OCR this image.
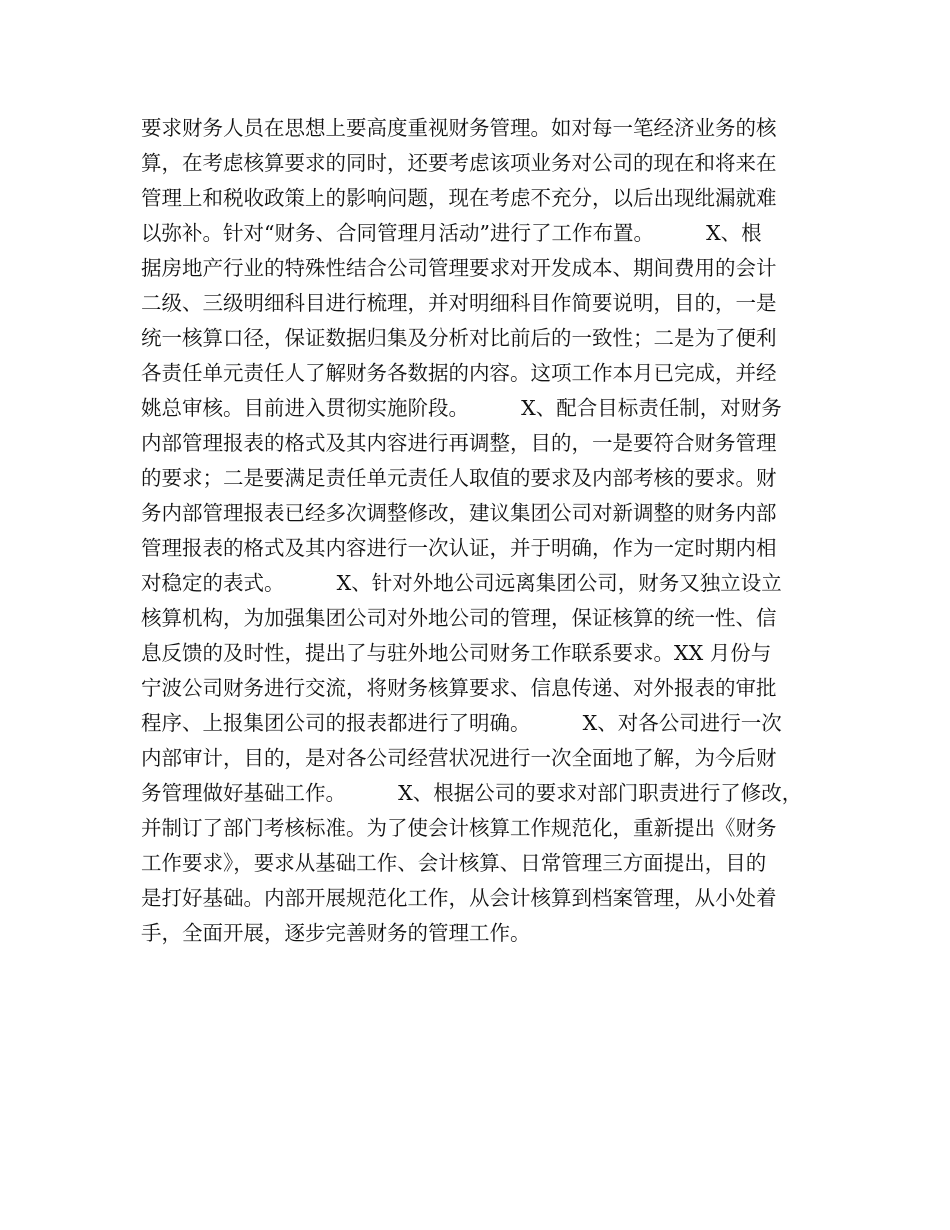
要求财务人员在思想上要高度重视财务管理。如对每一笔经济业务的核
算，在考虑核算要求的同时，还要考虑该项业务对公司的现在和将来在
管理上和税收政策上的影响问题，现在考虑不充分，以后出现纰漏就难
以弥补。针对“财务、合同管理月活动”进行了工作布置。        X、根
据房地产行业的特殊性结合公司管理要求对开发成本、期间费用的会计
二级、三级明细科目进行梳理，并对明细科目作简要说明，目的，一是
统一核算口径，保证数据归集及分析对比前后的一致性；二是为了便利
各责任单元责任人了解财务各数据的内容。这项工作本月已完成，并经
姚总审核。目前进入贯彻实施阶段。        X、配合目标责任制，对财务
内部管理报表的格式及其内容进行再调整，目的，一是要符合财务管理
的要求；二是要满足责任单元责任人取值的要求及内部考核的要求。财
务内部管理报表已经多次调整修改，建议集团公司对新调整的财务内部
管理报表的格式及其内容进行一次认证，并于明确，作为一定时期内相
对稳定的表式。        X、针对外地公司远离集团公司，财务又独立设立
核算机构，为加强集团公司对外地公司的管理，保证核算的统一性、信
息反馈的及时性，提出了与驻外地公司财务工作联系要求。XX 月份与
宁波公司财务进行交流，将财务核算要求、信息传递、对外报表的审批
程序、上报集团公司的报表都进行了明确。        X、对各公司进行一次
内部审计，目的，是对各公司经营状况进行一次全面地了解，为今后财
务管理做好基础工作。        X、根据公司的要求对部门职责进行了修改，
并制订了部门考核标准。为了使会计核算工作规范化，重新提出《财务
工作要求》，要求从基础工作、会计核算、日常管理三方面提出，目的
是打好基础。内部开展规范化工作，从会计核算到档案管理，从小处着
手，全面开展，逐步完善财务的管理工作。
